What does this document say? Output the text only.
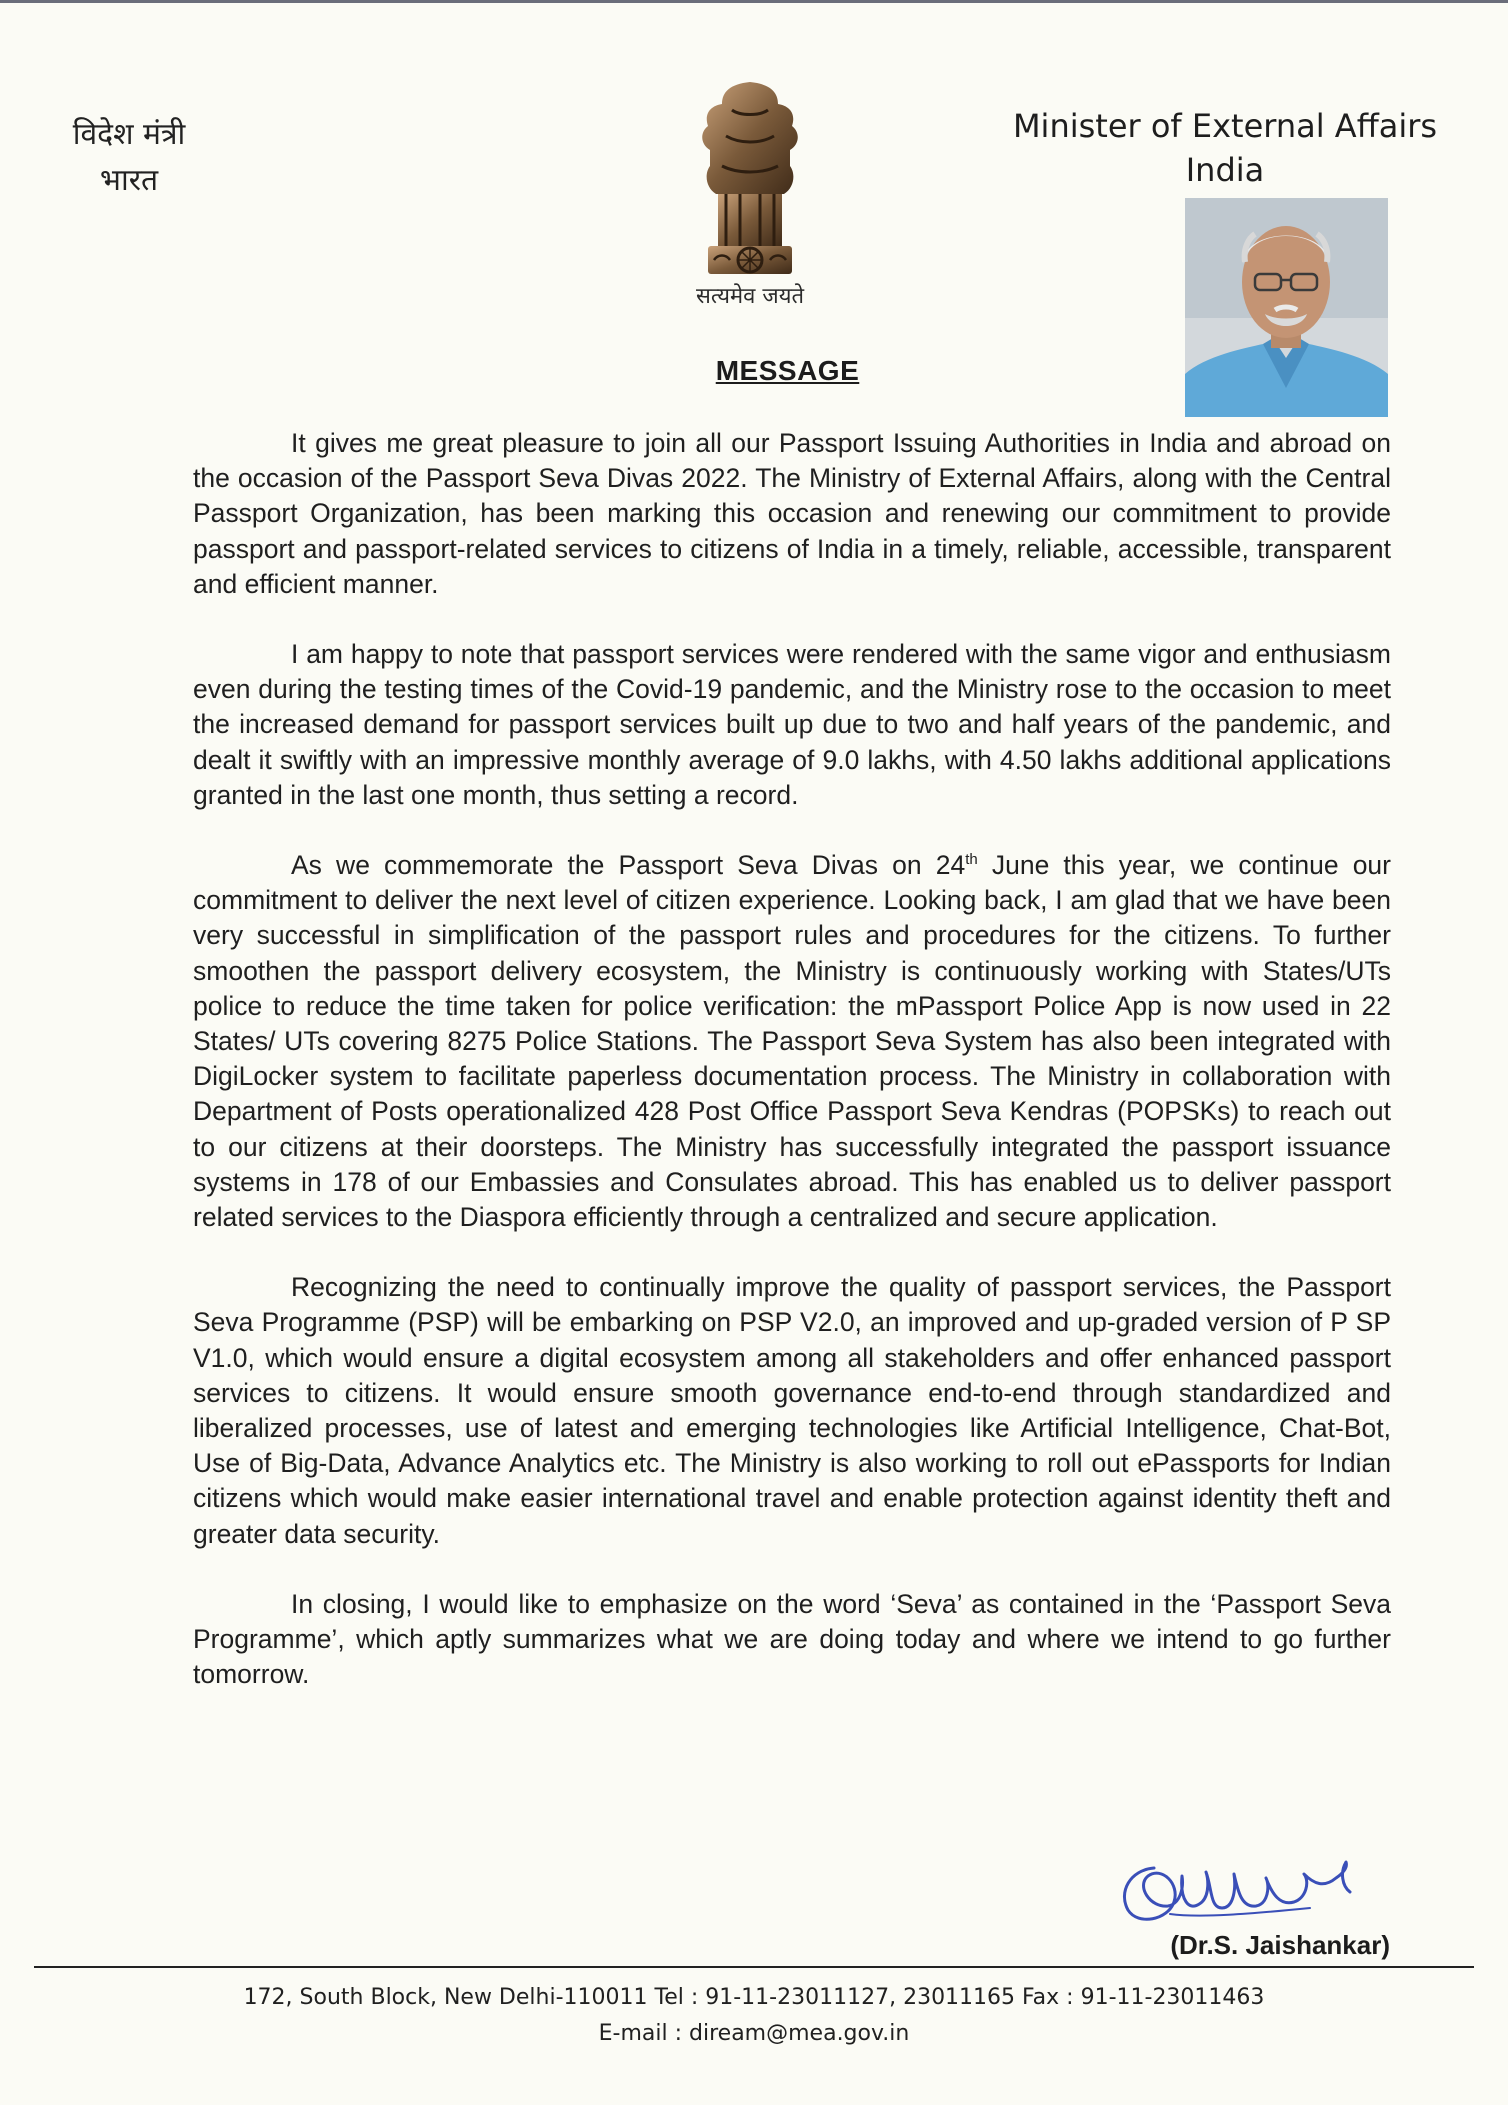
विदेश मंत्री
भारत
सत्यमेव जयते
Minister of External Affairs
India
MESSAGE

It gives me great pleasure to join all our Passport Issuing Authorities in India and abroad on the occasion of the Passport Seva Divas 2022. The Ministry of External Affairs, along with the Central Passport Organization, has been marking this occasion and renewing our commitment to provide passport and passport-related services to citizens of India in a timely, reliable, accessible, transparent and efficient manner.

I am happy to note that passport services were rendered with the same vigor and enthusiasm even during the testing times of the Covid-19 pandemic, and the Ministry rose to the occasion to meet the increased demand for passport services built up due to two and half years of the pandemic, and dealt it swiftly with an impressive monthly average of 9.0 lakhs, with 4.50 lakhs additional applications granted in the last one month, thus setting a record.

As we commemorate the Passport Seva Divas on 24th June this year, we continue our commitment to deliver the next level of citizen experience. Looking back, I am glad that we have been very successful in simplification of the passport rules and procedures for the citizens. To further smoothen the passport delivery ecosystem, the Ministry is continuously working with States/UTs police to reduce the time taken for police verification: the mPassport Police App is now used in 22 States/ UTs covering 8275 Police Stations. The Passport Seva System has also been integrated with DigiLocker system to facilitate paperless documentation process. The Ministry in collaboration with Department of Posts operationalized 428 Post Office Passport Seva Kendras (POPSKs) to reach out to our citizens at their doorsteps. The Ministry has successfully integrated the passport issuance systems in 178 of our Embassies and Consulates abroad. This has enabled us to deliver passport related services to the Diaspora efficiently through a centralized and secure application.

Recognizing the need to continually improve the quality of passport services, the Passport Seva Programme (PSP) will be embarking on PSP V2.0, an improved and up-graded version of P SP V1.0, which would ensure a digital ecosystem among all stakeholders and offer enhanced passport services to citizens. It would ensure smooth governance end-to-end through standardized and liberalized processes, use of latest and emerging technologies like Artificial Intelligence, Chat-Bot, Use of Big-Data, Advance Analytics etc. The Ministry is also working to roll out ePassports for Indian citizens which would make easier international travel and enable protection against identity theft and greater data security.

In closing, I would like to emphasize on the word ‘Seva’ as contained in the ‘Passport Seva Programme’, which aptly summarizes what we are doing today and where we intend to go further tomorrow.

(Dr.S. Jaishankar)
172, South Block, New Delhi-110011 Tel : 91-11-23011127, 23011165 Fax : 91-11-23011463
E-mail : diream@mea.gov.in
